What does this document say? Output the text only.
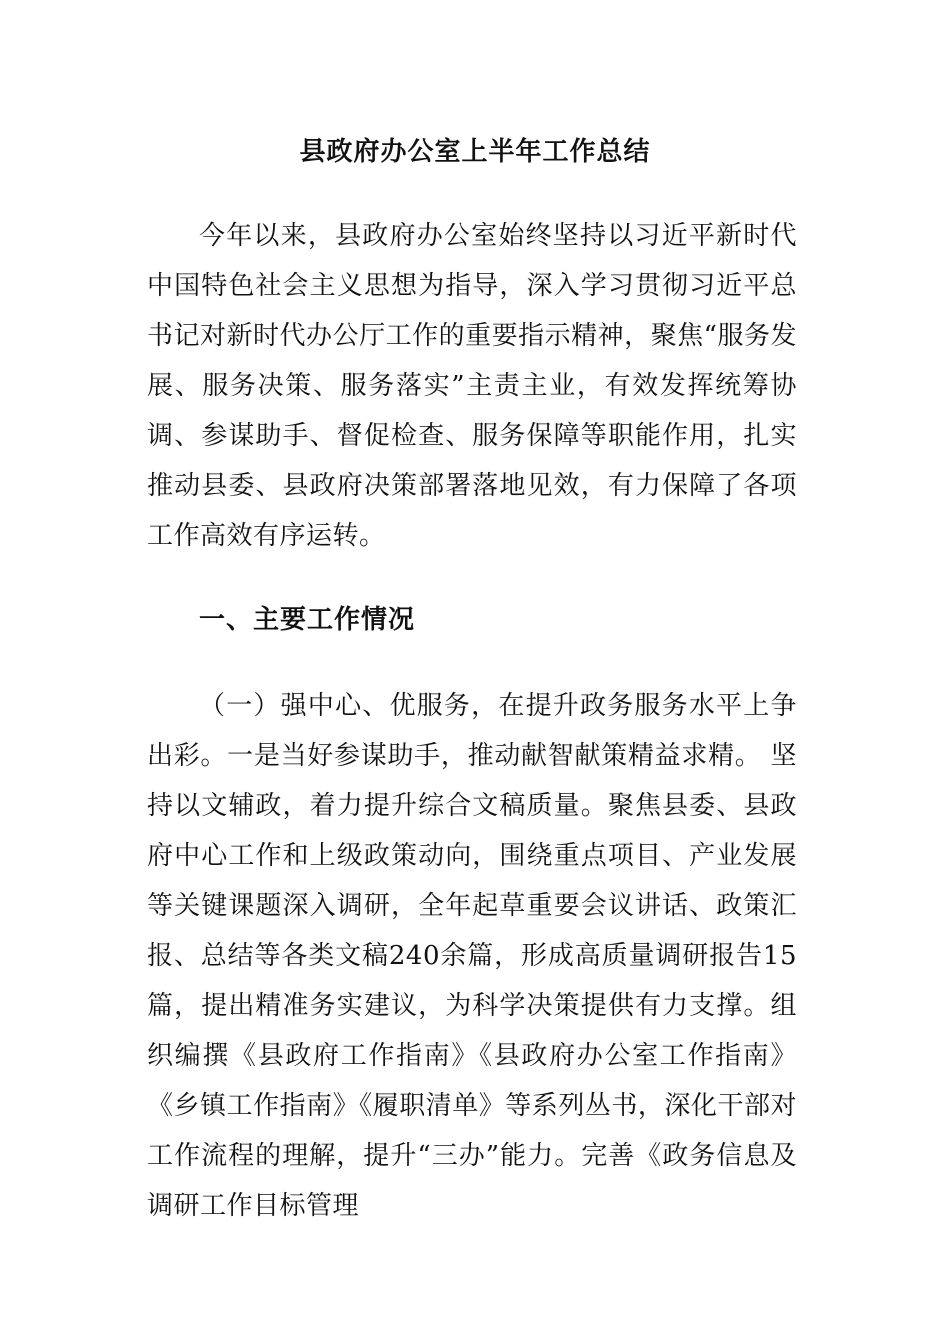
县政府办公室上半年工作总结

今年以来，县政府办公室始终坚持以习近平新时代中国特色社会主义思想为指导，深入学习贯彻习近平总书记对新时代办公厅工作的重要指示精神，聚焦“服务发展、服务决策、服务落实”主责主业，有效发挥统筹协调、参谋助手、督促检查、服务保障等职能作用，扎实推动县委、县政府决策部署落地见效，有力保障了各项工作高效有序运转。

一、主要工作情况

（一）强中心、优服务，在提升政务服务水平上争出彩。一是当好参谋助手，推动献智献策精益求精。 坚持以文辅政，着力提升综合文稿质量。聚焦县委、县政府中心工作和上级政策动向，围绕重点项目、产业发展等关键课题深入调研，全年起草重要会议讲话、政策汇报、总结等各类文稿240余篇，形成高质量调研报告15篇，提出精准务实建议，为科学决策提供有力支撑。组织编撰《县政府工作指南》《县政府办公室工作指南》《乡镇工作指南》《履职清单》等系列丛书，深化干部对工作流程的理解，提升“三办”能力。完善《政务信息及调研工作目标管理
